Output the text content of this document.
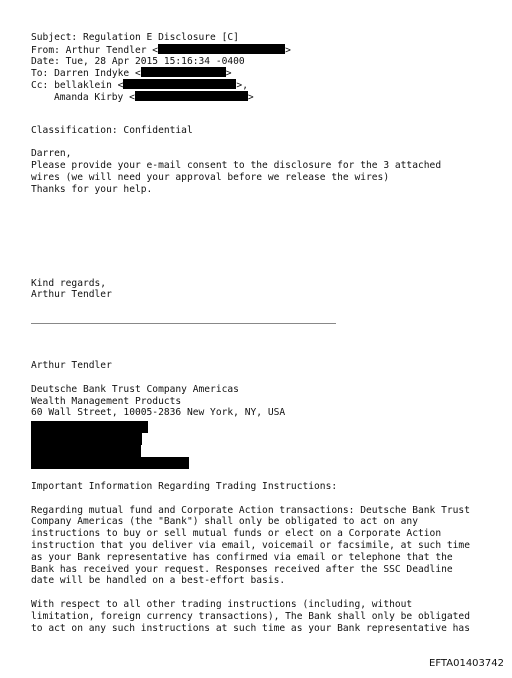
Subject: Regulation E Disclosure [C]
From: Arthur Tendler <	>
Date: Tue, 28 Apr 2015 15:16:34 -0400
To: Darren Indyke <	>
Cc: bellaklein <	>,
Amanda Kirby <	>
Classification: Confidential
Darren,
Please provide your e-mail consent to the disclosure for the 3 attached
wires (we will need your approval before we release the wires)
Thanks for your help.
Kind regards,
Arthur Tendler
Arthur Tendler
Deutsche Bank Trust Company Americas
Wealth Management Products
60 Wall Street, 10005-2836 New York, NY, USA
Important Information Regarding Trading Instructions:
Regarding mutual fund and Corporate Action transactions: Deutsche Bank Trust
Company Americas (the "Bank") shall only be obligated to act on any
instructions to buy or sell mutual funds or elect on a Corporate Action
instruction that you deliver via email, voicemail or facsimile, at such time
as your Bank representative has confirmed via email or telephone that the
Bank has received your request. Responses received after the SSC Deadline
date will be handled on a best-effort basis.
With respect to all other trading instructions (including, without
limitation, foreign currency transactions), The Bank shall only be obligated
to act on any such instructions at such time as your Bank representative has
EFTA01403742
